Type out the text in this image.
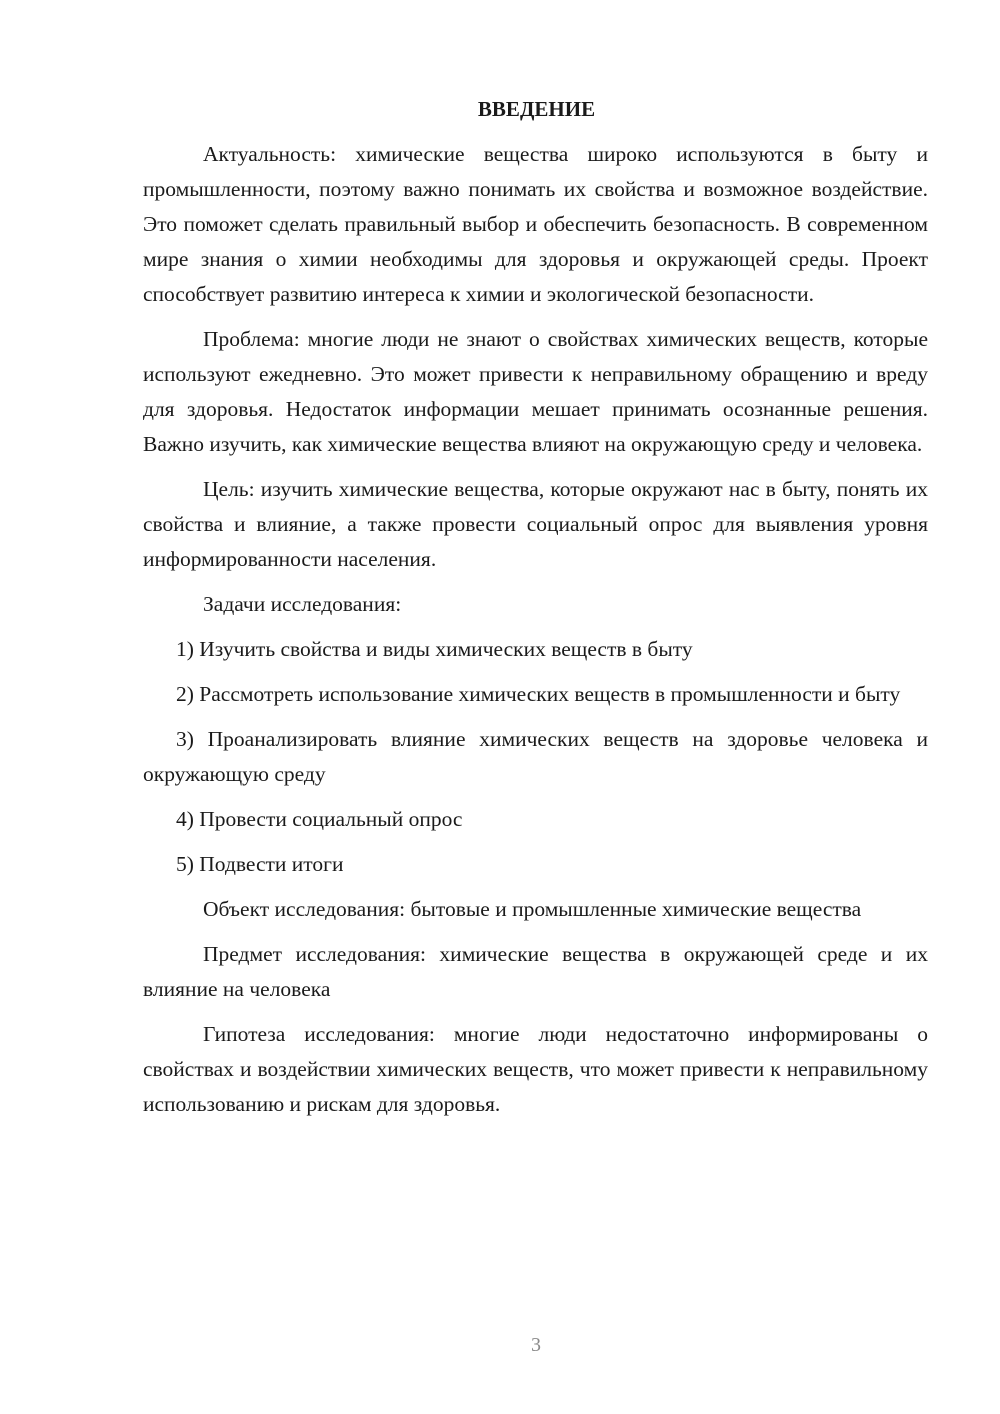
ВВЕДЕНИЕ

Актуальность: химические вещества широко используются в быту и промышленности, поэтому важно понимать их свойства и возможное воздействие. Это поможет сделать правильный выбор и обеспечить безопасность. В современном мире знания о химии необходимы для здоровья и окружающей среды. Проект способствует развитию интереса к химии и экологической безопасности.

Проблема: многие люди не знают о свойствах химических веществ, которые используют ежедневно. Это может привести к неправильному обращению и вреду для здоровья. Недостаток информации мешает принимать осознанные решения. Важно изучить, как химические вещества влияют на окружающую среду и человека.

Цель: изучить химические вещества, которые окружают нас в быту, понять их свойства и влияние, а также провести социальный опрос для выявления уровня информированности населения.

Задачи исследования:

1) Изучить свойства и виды химических веществ в быту

2) Рассмотреть использование химических веществ в промышленности и быту

3) Проанализировать влияние химических веществ на здоровье человека и окружающую среду

4) Провести социальный опрос

5) Подвести итоги

Объект исследования: бытовые и промышленные химические вещества

Предмет исследования: химические вещества в окружающей среде и их влияние на человека

Гипотеза исследования: многие люди недостаточно информированы о свойствах и воздействии химических веществ, что может привести к неправильному использованию и рискам для здоровья.

3
